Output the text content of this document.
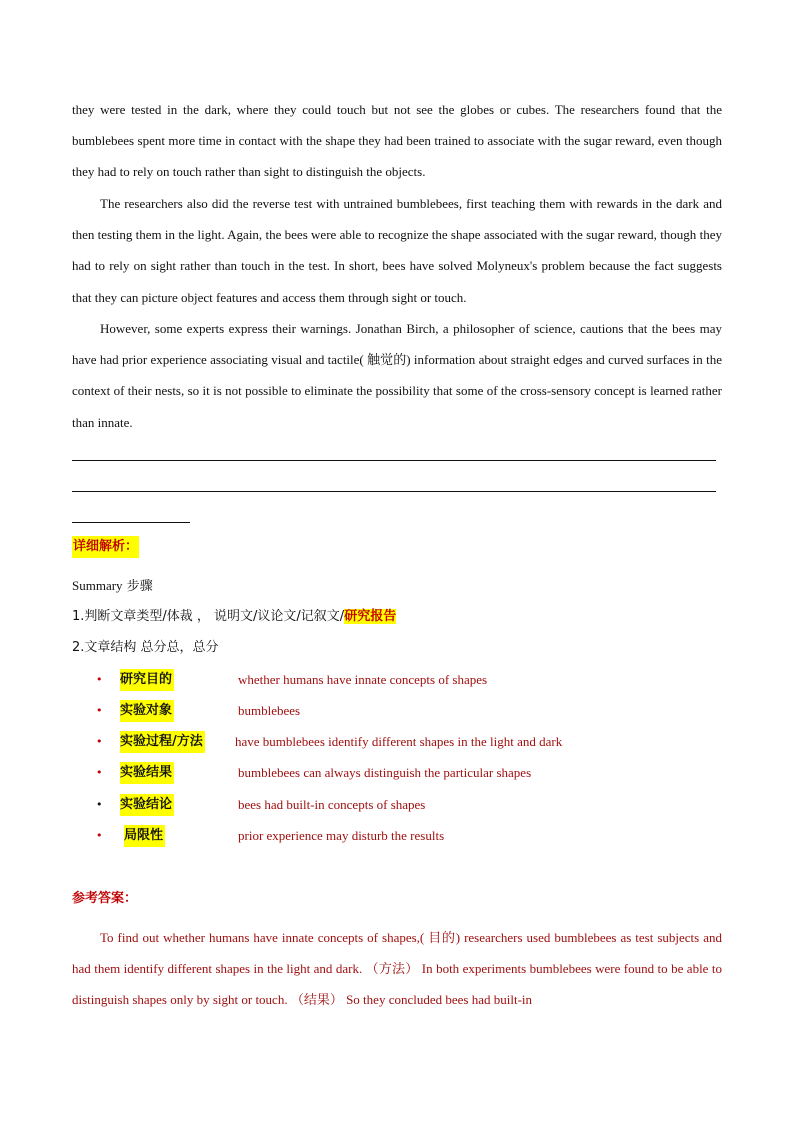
they were tested in the dark, where they could touch but not see the globes or cubes. The researchers found that the bumblebees spent more time in contact with the shape they had been trained to associate with the sugar reward, even though they had to rely on touch rather than sight to distinguish the objects.

The researchers also did the reverse test with untrained bumblebees, first teaching them with rewards in the dark and then testing them in the light. Again, the bees were able to recognize the shape associated with the sugar reward, though they had to rely on sight rather than touch in the test. In short, bees have solved Molyneux's problem because the fact suggests that they can picture object features and access them through sight or touch.

However, some experts express their warnings. Jonathan Birch, a philosopher of science, cautions that the bees may have had prior experience associating visual and tactile( 触觉的) information about straight edges and curved surfaces in the context of their nests, so it is not possible to eliminate the possibility that some of the cross-sensory concept is learned rather than innate.

详细解析：
Summary 步骤
1.判断文章类型/体裁 ， 说明文/议论文/记叙文/研究报告
2.文章结构 总分总，总分
• 研究目的	whether humans have innate concepts of shapes
• 实验对象	bumblebees
• 实验过程/方法 have bumblebees identify different shapes in the light and dark
• 实验结果	bumblebees can always distinguish the particular shapes
• 实验结论	bees had built-in concepts of shapes
• 局限性	prior experience may disturb the results
参考答案：

To find out whether humans have innate concepts of shapes,( 目的) researchers used bumblebees as test subjects and had them identify different shapes in the light and dark. （方法） In both experiments bumblebees were found to be able to distinguish shapes only by sight or touch. （结果） So they concluded bees had built-in
